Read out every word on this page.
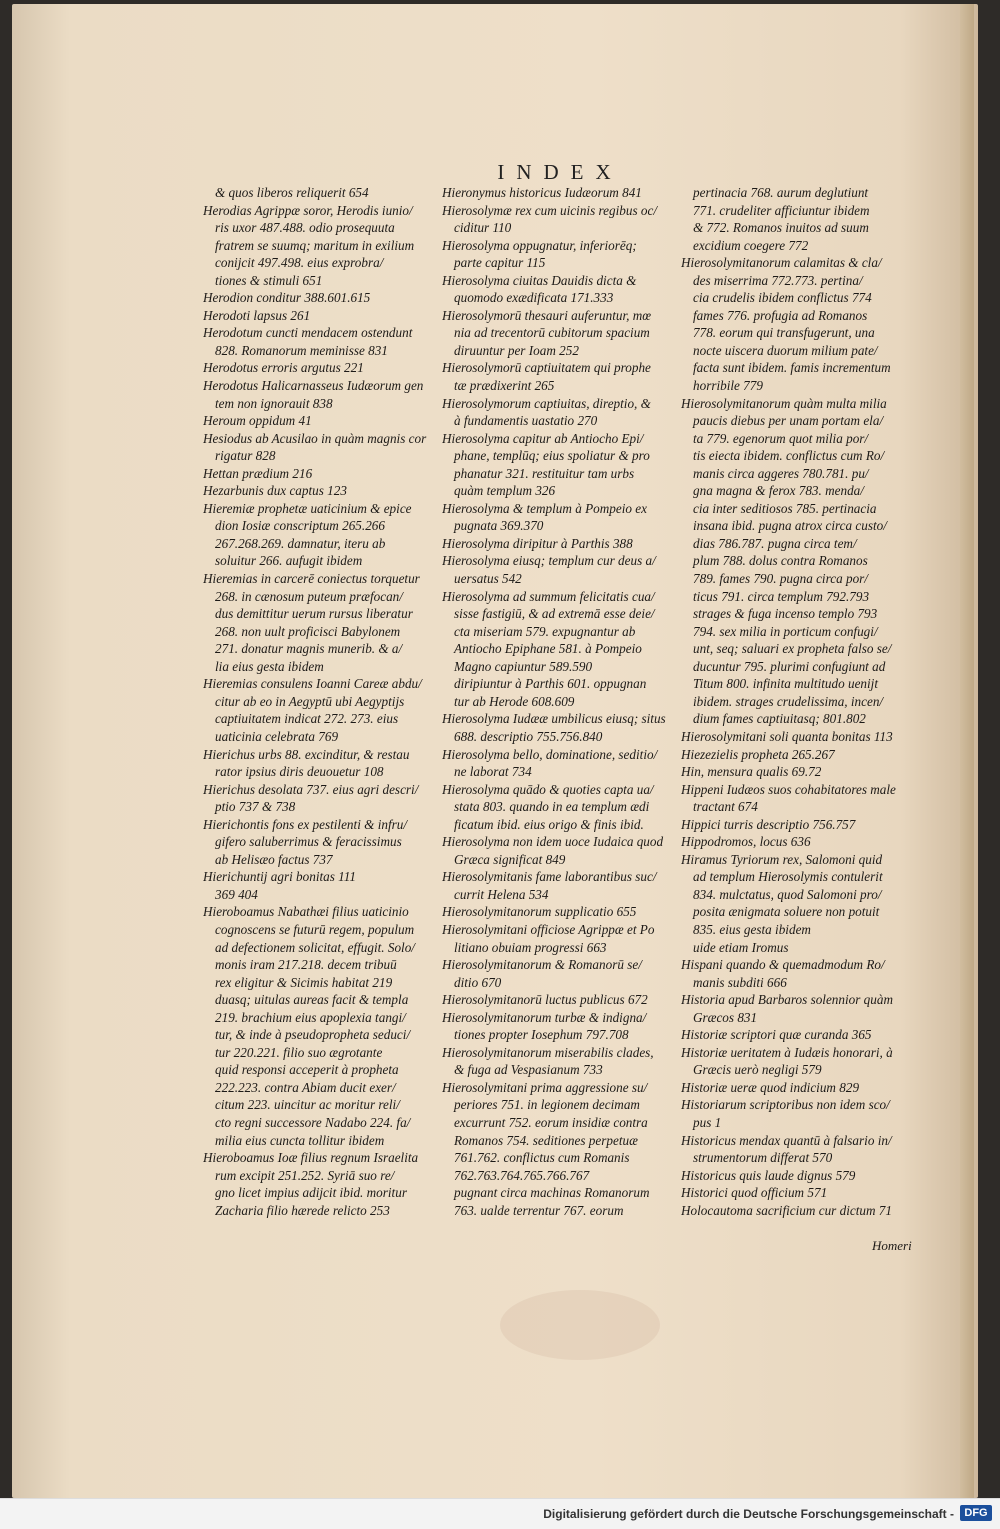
INDEX
& quos liberos reliquerit 654
Herodias Agrippæ soror, Herodis iunio/
ris uxor 487.488. odio prosequuta
fratrem se suumq; maritum in exilium
conijcit 497.498. eius exprobra/
tiones & stimuli 651
Herodion conditur 388.601.615
Herodoti lapsus 261
Herodotum cuncti mendacem ostendunt
828. Romanorum meminisse 831
Herodotus erroris argutus 221
Herodotus Halicarnasseus Iudæorum gen
tem non ignorauit 838
Heroum oppidum 41
Hesiodus ab Acusilao in quàm magnis cor
rigatur 828
Hettan prædium 216
Hezarbunis dux captus 123
Hieremiæ prophetæ uaticinium & epice
dion Iosiæ conscriptum 265.266
267.268.269. damnatur, iteru ab
soluitur 266. aufugit ibidem
Hieremias in carcerē coniectus torquetur
268. in cænosum puteum præfocan/
dus demittitur uerum rursus liberatur
268. non uult proficisci Babylonem
271. donatur magnis munerib. & a/
lia eius gesta ibidem
Hieremias consulens Ioanni Careæ abdu/
citur ab eo in Aegyptū ubi Aegyptijs
captiuitatem indicat 272. 273. eius
uaticinia celebrata 769
Hierichus urbs 88. excinditur, & restau
rator ipsius diris deuouetur 108
Hierichus desolata 737. eius agri descri/
ptio 737 & 738
Hierichontis fons ex pestilenti & infru/
gifero saluberrimus & feracissimus
ab Helisæo factus 737
Hierichuntij agri bonitas 111
369 404
Hieroboamus Nabathæi filius uaticinio
cognoscens se futurū regem, populum
ad defectionem solicitat, effugit. Solo/
monis iram 217.218. decem tribuū
rex eligitur & Sicimis habitat 219
duasq; uitulas aureas facit & templa
219. brachium eius apoplexia tangi/
tur, & inde à pseudopropheta seduci/
tur 220.221. filio suo ægrotante
quid responsi acceperit à propheta
222.223. contra Abiam ducit exer/
citum 223. uincitur ac moritur reli/
cto regni successore Nadabo 224. fa/
milia eius cuncta tollitur ibidem
Hieroboamus Ioæ filius regnum Israelita
rum excipit 251.252. Syriā suo re/
gno licet impius adijcit ibid. moritur
Zacharia filio hærede relicto 253
Hieronymus historicus Iudæorum 841
Hierosolymæ rex cum uicinis regibus oc/
ciditur 110
Hierosolyma oppugnatur, inferiorēq;
parte capitur 115
Hierosolyma ciuitas Dauidis dicta &
quomodo exædificata 171.333
Hierosolymorū thesauri auferuntur, mœ
nia ad trecentorū cubitorum spacium
diruuntur per Ioam 252
Hierosolymorū captiuitatem qui prophe
tæ prædixerint 265
Hierosolymorum captiuitas, direptio, &
à fundamentis uastatio 270
Hierosolyma capitur ab Antiocho Epi/
phane, templūq; eius spoliatur & pro
phanatur 321. restituitur tam urbs
quàm templum 326
Hierosolyma & templum à Pompeio ex
pugnata 369.370
Hierosolyma diripitur à Parthis 388
Hierosolyma eiusq; templum cur deus a/
uersatus 542
Hierosolyma ad summum felicitatis cua/
sisse fastigiū, & ad extremā esse deie/
cta miseriam 579. expugnantur ab
Antiocho Epiphane 581. à Pompeio
Magno capiuntur 589.590
diripiuntur à Parthis 601. oppugnan
tur ab Herode 608.609
Hierosolyma Iudææ umbilicus eiusq; situs
688. descriptio 755.756.840
Hierosolyma bello, dominatione, seditio/
ne laborat 734
Hierosolyma quādo & quoties capta ua/
stata 803. quando in ea templum ædi
ficatum ibid. eius origo & finis ibid.
Hierosolyma non idem uoce Iudaica quod
Græca significat 849
Hierosolymitanis fame laborantibus suc/
currit Helena 534
Hierosolymitanorum supplicatio 655
Hierosolymitani officiose Agrippæ et Po
litiano obuiam progressi 663
Hierosolymitanorum & Romanorū se/
ditio 670
Hierosolymitanorū luctus publicus 672
Hierosolymitanorum turbæ & indigna/
tiones propter Iosephum 797.708
Hierosolymitanorum miserabilis clades,
& fuga ad Vespasianum 733
Hierosolymitani prima aggressione su/
periores 751. in legionem decimam
excurrunt 752. eorum insidiæ contra
Romanos 754. seditiones perpetuæ
761.762. conflictus cum Romanis
762.763.764.765.766.767
pugnant circa machinas Romanorum
763. ualde terrentur 767. eorum
pertinacia 768. aurum deglutiunt
771. crudeliter afficiuntur ibidem
& 772. Romanos inuitos ad suum
excidium coegere 772
Hierosolymitanorum calamitas & cla/
des miserrima 772.773. pertina/
cia crudelis ibidem conflictus 774
fames 776. profugia ad Romanos
778. eorum qui transfugerunt, una
nocte uiscera duorum milium pate/
facta sunt ibidem. famis incrementum
horribile 779
Hierosolymitanorum quàm multa milia
paucis diebus per unam portam ela/
ta 779. egenorum quot milia por/
tis eiecta ibidem. conflictus cum Ro/
manis circa aggeres 780.781. pu/
gna magna & ferox 783. menda/
cia inter seditiosos 785. pertinacia
insana ibid. pugna atrox circa custo/
dias 786.787. pugna circa tem/
plum 788. dolus contra Romanos
789. fames 790. pugna circa por/
ticus 791. circa templum 792.793
strages & fuga incenso templo 793
794. sex milia in porticum confugi/
unt, seq; saluari ex propheta falso se/
ducuntur 795. plurimi confugiunt ad
Titum 800. infinita multitudo uenijt
ibidem. strages crudelissima, incen/
dium fames captiuitasq; 801.802
Hierosolymitani soli quanta bonitas 113
Hiezezielis propheta 265.267
Hin, mensura qualis 69.72
Hippeni Iudæos suos cohabitatores male
tractant 674
Hippici turris descriptio 756.757
Hippodromos, locus 636
Hiramus Tyriorum rex, Salomoni quid
ad templum Hierosolymis contulerit
834. mulctatus, quod Salomoni pro/
posita ænigmata soluere non potuit
835. eius gesta ibidem
uide etiam Iromus
Hispani quando & quemadmodum Ro/
manis subditi 666
Historia apud Barbaros solennior quàm
Græcos 831
Historiæ scriptori quæ curanda 365
Historiæ ueritatem à Iudæis honorari, à
Græcis uerò negligi 579
Historiæ ueræ quod indicium 829
Historiarum scriptoribus non idem sco/
pus 1
Historicus mendax quantū à falsario in/
strumentorum differat 570
Historicus quis laude dignus 579
Historici quod officium 571
Holocautoma sacrificium cur dictum 71
Homeri
Digitalisierung gefördert durch die Deutsche Forschungsgemeinschaft - DFG
